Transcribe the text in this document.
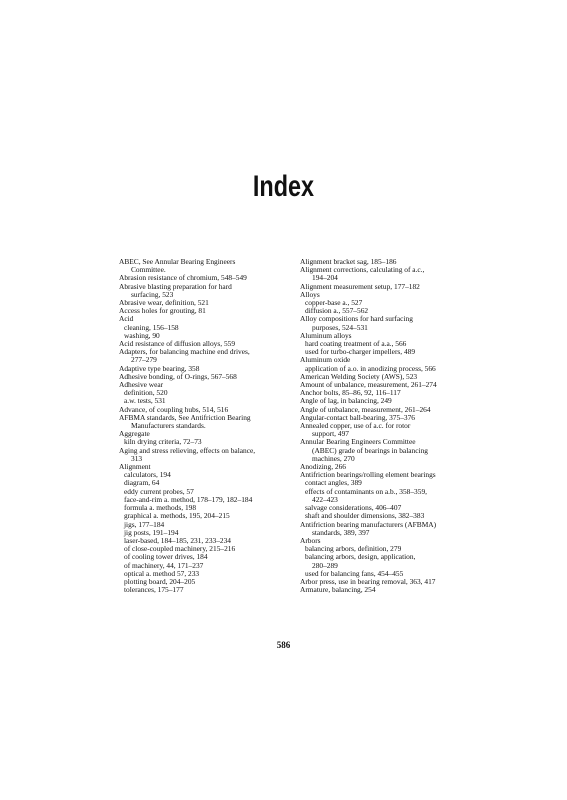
Index
ABEC, See Annular Bearing Engineers
Committee.
Abrasion resistance of chromium, 548–549
Abrasive blasting preparation for hard
surfacing, 523
Abrasive wear, definition, 521
Access holes for grouting, 81
Acid
cleaning, 156–158
washing, 90
Acid resistance of diffusion alloys, 559
Adapters, for balancing machine end drives,
277–279
Adaptive type bearing, 358
Adhesive bonding, of O-rings, 567–568
Adhesive wear
definition, 520
a.w. tests, 531
Advance, of coupling hubs, 514, 516
AFBMA standards, See Antifriction Bearing
Manufacturers standards.
Aggregate
kiln drying criteria, 72–73
Aging and stress relieving, effects on balance,
313
Alignment
calculators, 194
diagram, 64
eddy current probes, 57
face-and-rim a. method, 178–179, 182–184
formula a. methods, 198
graphical a. methods, 195, 204–215
jigs, 177–184
jig posts, 191–194
laser-based, 184–185, 231, 233–234
of close-coupled machinery, 215–216
of cooling tower drives, 184
of machinery, 44, 171–237
optical a. method 57, 233
plotting board, 204–205
tolerances, 175–177
Alignment bracket sag, 185–186
Alignment corrections, calculating of a.c.,
194–204
Alignment measurement setup, 177–182
Alloys
copper-base a., 527
diffusion a., 557–562
Alloy compositions for hard surfacing
purposes, 524–531
Aluminum alloys
hard coating treatment of a.a., 566
used for turbo-charger impellers, 489
Aluminum oxide
application of a.o. in anodizing process, 566
American Welding Society (AWS), 523
Amount of unbalance, measurement, 261–274
Anchor bolts, 85–86, 92, 116–117
Angle of lag, in balancing, 249
Angle of unbalance, measurement, 261–264
Angular-contact ball-bearing, 375–376
Annealed copper, use of a.c. for rotor
support, 497
Annular Bearing Engineers Committee
(ABEC) grade of bearings in balancing
machines, 270
Anodizing, 266
Antifriction bearings/rolling element bearings
contact angles, 389
effects of contaminants on a.b., 358–359,
422–423
salvage considerations, 406–407
shaft and shoulder dimensions, 382–383
Antifriction bearing manufacturers (AFBMA)
standards, 389, 397
Arbors
balancing arbors, definition, 279
balancing arbors, design, application,
280–289
used for balancing fans, 454–455
Arbor press, use in bearing removal, 363, 417
Armature, balancing, 254
586
